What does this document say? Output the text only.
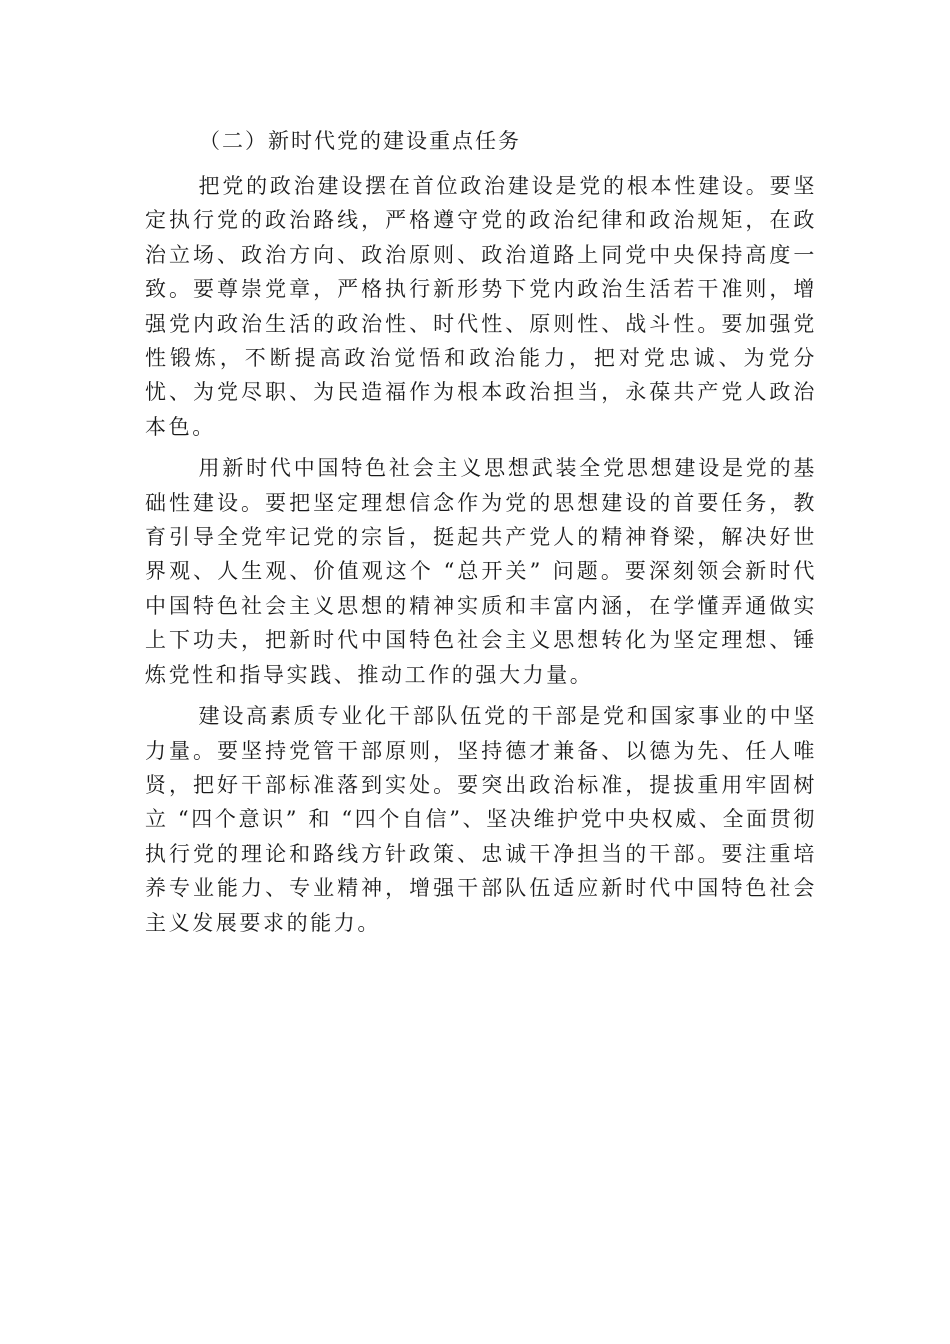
（二）新时代党的建设重点任务

把党的政治建设摆在首位政治建设是党的根本性建设。要坚定执行党的政治路线，严格遵守党的政治纪律和政治规矩，在政治立场、政治方向、政治原则、政治道路上同党中央保持高度一致。要尊崇党章，严格执行新形势下党内政治生活若干准则，增强党内政治生活的政治性、时代性、原则性、战斗性。要加强党性锻炼，不断提高政治觉悟和政治能力，把对党忠诚、为党分忧、为党尽职、为民造福作为根本政治担当，永葆共产党人政治本色。

用新时代中国特色社会主义思想武装全党思想建设是党的基础性建设。要把坚定理想信念作为党的思想建设的首要任务，教育引导全党牢记党的宗旨，挺起共产党人的精神脊梁，解决好世界观、人生观、价值观这个 “总开关” 问题。要深刻领会新时代中国特色社会主义思想的精神实质和丰富内涵，在学懂弄通做实上下功夫，把新时代中国特色社会主义思想转化为坚定理想、锤炼党性和指导实践、推动工作的强大力量。

建设高素质专业化干部队伍党的干部是党和国家事业的中坚力量。要坚持党管干部原则，坚持德才兼备、以德为先、任人唯贤，把好干部标准落到实处。要突出政治标准，提拔重用牢固树立 “四个意识” 和 “四个自信”、坚决维护党中央权威、全面贯彻执行党的理论和路线方针政策、忠诚干净担当的干部。要注重培养专业能力、专业精神，增强干部队伍适应新时代中国特色社会主义发展要求的能力。
